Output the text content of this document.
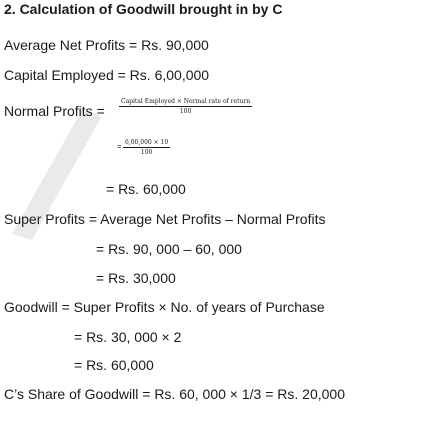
2. Calculation of Goodwill brought in by C
Average Net Profits = Rs. 90,000
Capital Employed = Rs. 6,00,000
Normal Profits =
Capital Employed × Normal rate of return
100
= $\frac{6,00,000 \times 10}{100}$
= Rs. 60,000
Super Profits = Average Net Profits – Normal Profits
= Rs. 90, 000 – 60, 000
= Rs. 30,000
Goodwill = Super Profits × No. of years of Purchase
= Rs. 30, 000 × 2
= Rs. 60,000
C’s Share of Goodwill = Rs. 60, 000 × 1/3 = Rs. 20,000
